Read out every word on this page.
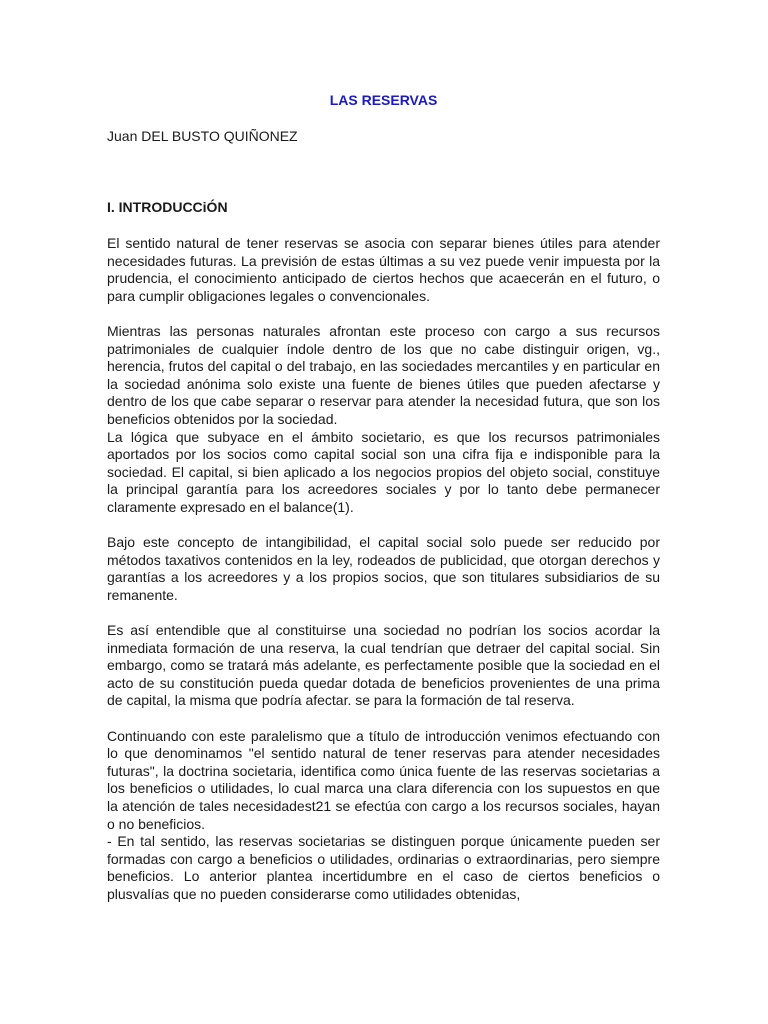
LAS RESERVAS

Juan DEL BUSTO QUIÑONEZ

I. INTRODUCCiÓN

El sentido natural de tener reservas se asocia con separar bienes útiles para atender necesidades futuras. La previsión de estas últimas a su vez puede venir impuesta por la prudencia, el conocimiento anticipado de ciertos hechos que acaecerán en el futuro, o para cumplir obligaciones legales o convencionales.

Mientras las personas naturales afrontan este proceso con cargo a sus recursos patrimoniales de cualquier índole dentro de los que no cabe distinguir origen, vg., herencia, frutos del capital o del trabajo, en las sociedades mercantiles y en particular en la sociedad anónima solo existe una fuente de bienes útiles que pueden afectarse y dentro de los que cabe separar o reservar para atender la necesidad futura, que son los beneficios obtenidos por la sociedad.

La lógica que subyace en el ámbito societario, es que los recursos patrimoniales aportados por los socios como capital social son una cifra fija e indisponible para la sociedad. El capital, si bien aplicado a los negocios propios del objeto social, constituye la principal garantía para los acreedores sociales y por lo tanto debe permanecer claramente expresado en el balance(1).

Bajo este concepto de intangibilidad, el capital social solo puede ser reducido por métodos taxativos contenidos en la ley, rodeados de publicidad, que otorgan derechos y garantías a los acreedores y a los propios socios, que son titulares subsidiarios de su remanente.

Es así entendible que al constituirse una sociedad no podrían los socios acordar la inmediata formación de una reserva, la cual tendrían que detraer del capital social. Sin embargo, como se tratará más adelante, es perfectamente posible que la sociedad en el acto de su constitución pueda quedar dotada de beneficios provenientes de una prima de capital, la misma que podría afectar. se para la formación de tal reserva.

Continuando con este paralelismo que a título de introducción venimos efectuando con lo que denominamos "el sentido natural de tener reservas para atender necesidades futuras", la doctrina societaria, identifica como única fuente de las reservas societarias a los beneficios o utilidades, lo cual marca una clara diferencia con los supuestos en que la atención de tales necesidadest21 se efectúa con cargo a los recursos sociales, hayan o no beneficios.

- En tal sentido, las reservas societarias se distinguen porque únicamente pueden ser formadas con cargo a beneficios o utilidades, ordinarias o extraordinarias, pero siempre beneficios. Lo anterior plantea incertidumbre en el caso de ciertos beneficios o plusvalías que no pueden considerarse como utilidades obtenidas,
